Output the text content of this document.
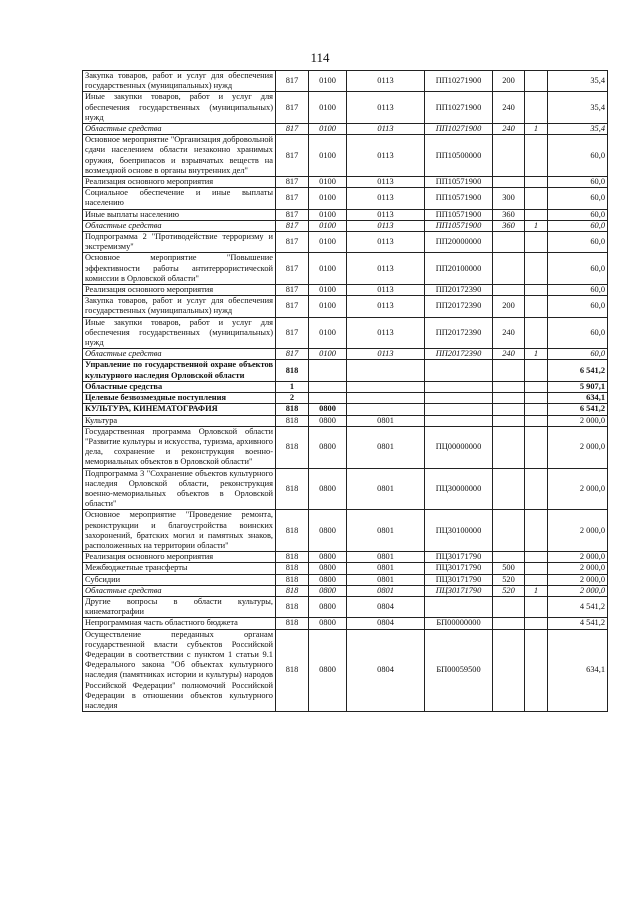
114
Закупка товаров, работ и услуг для обеспечения государственных (муниципальных) нужд	817	0100	0113	ПП10271900	200		35,4
Иные закупки товаров, работ и услуг для обеспечения государственных (муниципальных) нужд	817	0100	0113	ПП10271900	240		35,4
Областные средства	817	0100	0113	ПП10271900	240	1	35,4
Основное мероприятие "Организация добровольной сдачи населением области незаконно хранимых оружия, боеприпасов и взрывчатых веществ на возмездной основе в органы внутренних дел"	817	0100	0113	ПП10500000			60,0
Реализация основного мероприятия	817	0100	0113	ПП10571900			60,0
Социальное обеспечение и иные выплаты населению	817	0100	0113	ПП10571900	300		60,0
Иные выплаты населению	817	0100	0113	ПП10571900	360		60,0
Областные средства	817	0100	0113	ПП10571900	360	1	60,0
Подпрограмма 2 "Противодействие терроризму и экстремизму"	817	0100	0113	ПП20000000			60,0
Основное мероприятие "Повышение эффективности работы антитеррористической комиссии в Орловской области"	817	0100	0113	ПП20100000			60,0
Реализация основного мероприятия	817	0100	0113	ПП20172390			60,0
Закупка товаров, работ и услуг для обеспечения государственных (муниципальных) нужд	817	0100	0113	ПП20172390	200		60,0
Иные закупки товаров, работ и услуг для обеспечения государственных (муниципальных) нужд	817	0100	0113	ПП20172390	240		60,0
Областные средства	817	0100	0113	ПП20172390	240	1	60,0
Управление по государственной охране объектов культурного наследия Орловской области	818						6 541,2
Областные средства	1						5 907,1
Целевые безвозмездные поступления	2						634,1
КУЛЬТУРА, КИНЕМАТОГРАФИЯ	818	0800					6 541,2
Культура	818	0800	0801				2 000,0
Государственная программа Орловской области "Развитие культуры и искусства, туризма, архивного дела, сохранение и реконструкция военно-мемориальных объектов в Орловской области"	818	0800	0801	ПЦ00000000			2 000,0
Подпрограмма 3 "Сохранение объектов культурного наследия Орловской области, реконструкция военно-мемориальных объектов в Орловской области"	818	0800	0801	ПЦ30000000			2 000,0
Основное мероприятие "Проведение ремонта, реконструкции и благоустройства воинских захоронений, братских могил и памятных знаков, расположенных на территории области"	818	0800	0801	ПЦ30100000			2 000,0
Реализация основного мероприятия	818	0800	0801	ПЦ30171790			2 000,0
Межбюджетные трансферты	818	0800	0801	ПЦ30171790	500		2 000,0
Субсидии	818	0800	0801	ПЦ30171790	520		2 000,0
Областные средства	818	0800	0801	ПЦ30171790	520	1	2 000,0
Другие вопросы в области культуры, кинематографии	818	0800	0804				4 541,2
Непрограммная часть областного бюджета	818	0800	0804	БП00000000			4 541,2
Осуществление переданных органам государственной власти субъектов Российской Федерации в соответствии с пунктом 1 статьи 9.1 Федерального закона "Об объектах культурного наследия (памятниках истории и культуры) народов Российской Федерации" полномочий Российской Федерации в отношении объектов культурного наследия	818	0800	0804	БП00059500			634,1
